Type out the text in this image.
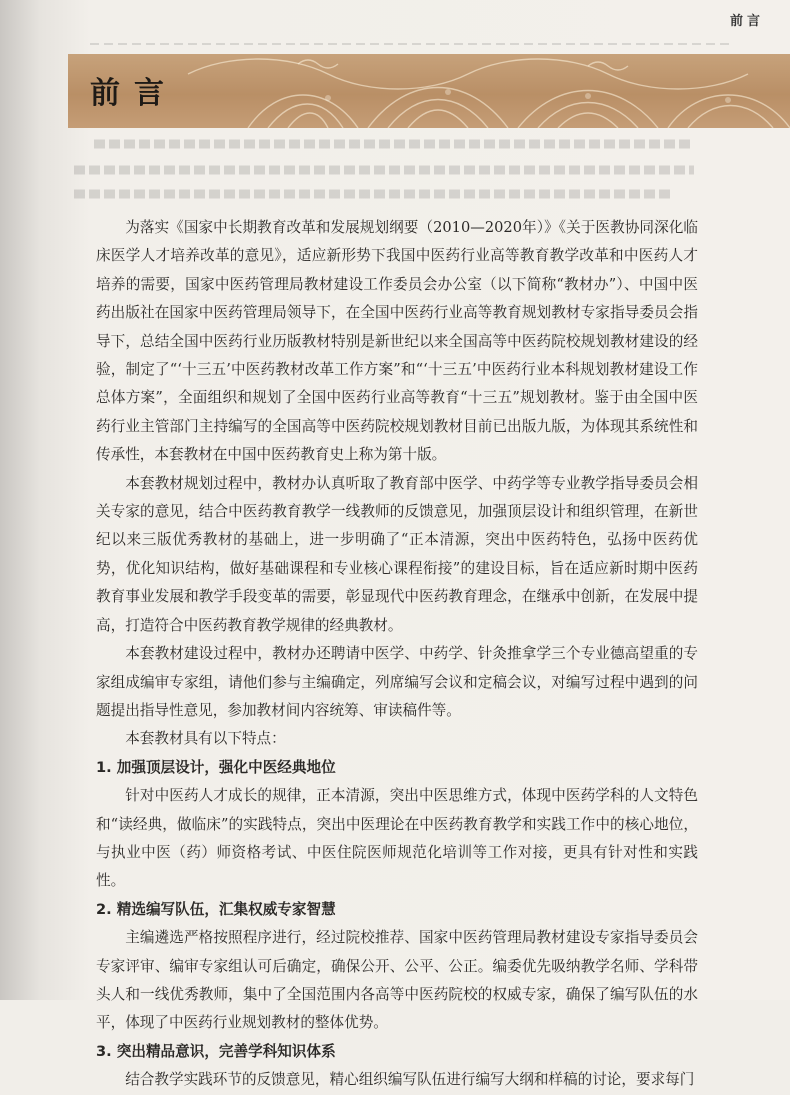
前言
前言

为落实《国家中长期教育改革和发展规划纲要（2010—2020年）》《关于医教协同深化临床医学人才培养改革的意见》，适应新形势下我国中医药行业高等教育教学改革和中医药人才培养的需要，国家中医药管理局教材建设工作委员会办公室（以下简称“教材办”）、中国中医药出版社在国家中医药管理局领导下，在全国中医药行业高等教育规划教材专家指导委员会指导下，总结全国中医药行业历版教材特别是新世纪以来全国高等中医药院校规划教材建设的经验，制定了“‘十三五’中医药教材改革工作方案”和“‘十三五’中医药行业本科规划教材建设工作总体方案”，全面组织和规划了全国中医药行业高等教育“十三五”规划教材。鉴于由全国中医药行业主管部门主持编写的全国高等中医药院校规划教材目前已出版九版，为体现其系统性和传承性，本套教材在中国中医药教育史上称为第十版。

本套教材规划过程中，教材办认真听取了教育部中医学、中药学等专业教学指导委员会相关专家的意见，结合中医药教育教学一线教师的反馈意见，加强顶层设计和组织管理，在新世纪以来三版优秀教材的基础上，进一步明确了“正本清源，突出中医药特色，弘扬中医药优势，优化知识结构，做好基础课程和专业核心课程衔接”的建设目标，旨在适应新时期中医药教育事业发展和教学手段变革的需要，彰显现代中医药教育理念，在继承中创新，在发展中提高，打造符合中医药教育教学规律的经典教材。

本套教材建设过程中，教材办还聘请中医学、中药学、针灸推拿学三个专业德高望重的专家组成编审专家组，请他们参与主编确定，列席编写会议和定稿会议，对编写过程中遇到的问题提出指导性意见，参加教材间内容统筹、审读稿件等。

本套教材具有以下特点：

1. 加强顶层设计，强化中医经典地位

针对中医药人才成长的规律，正本清源，突出中医思维方式，体现中医药学科的人文特色和“读经典，做临床”的实践特点，突出中医理论在中医药教育教学和实践工作中的核心地位，与执业中医（药）师资格考试、中医住院医师规范化培训等工作对接，更具有针对性和实践性。

2. 精选编写队伍，汇集权威专家智慧

主编遴选严格按照程序进行，经过院校推荐、国家中医药管理局教材建设专家指导委员会专家评审、编审专家组认可后确定，确保公开、公平、公正。编委优先吸纳教学名师、学科带头人和一线优秀教师，集中了全国范围内各高等中医药院校的权威专家，确保了编写队伍的水平，体现了中医药行业规划教材的整体优势。

3. 突出精品意识，完善学科知识体系

结合教学实践环节的反馈意见，精心组织编写队伍进行编写大纲和样稿的讨论，要求每门
